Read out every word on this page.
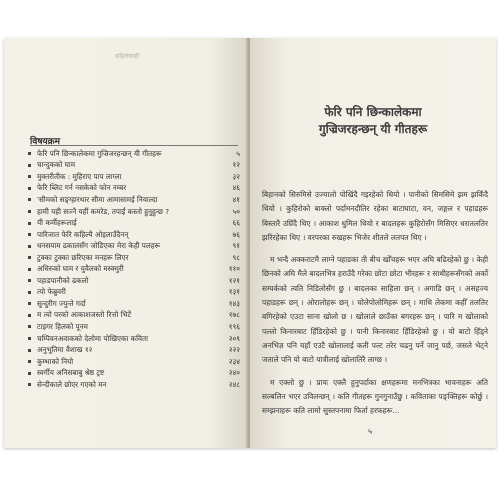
कहिलेकाहीं
विषयक्रम
फेरि पनि छिन्कालेकमा गुज्रिजरहन्छन् यी गीतहरू	५
चान्दुकको घाम	१२
मुक्तरीतीक : मुहिराए पाप लाग्ला	३२
फेरि ब्लिट गर्न नसकेको फोन नम्बर	४६
'सीमको सङ्ग्हारथार सीमा आमासामई नियाल्दा	४१
हामी यही सज्नै यहीं कमरेड, तपाईं कस्तो हुनुहुन्छ ?	५०
यी कर्मीहरूलाई	६६
पारिजात फेरि कहिल्यै ओइलाउँदैनन्	७६
धनसयाम ढकालसँग जोडिएका मेरा केही पलहरू	९१
टुक्का टुक्का छरिएका मनहरू लिएर	९८
अधिरुको घाम र युवैलको मस्क्मुरी	११०
पहाडपानीको ढकलो	१२१
त्यो फेब्रुवरी	१३१
सुन्दुरीग ज्युन्ते गर्दा	१४३
म त्यो परको आकाशजस्तो रित्तो भिटें	१७८
टाइगर हिलको पूनम	१९६
चम्पिवनअवाकको देलोमा पोखिएका कविता	२०९
अनुभूतिमा वैशाख १२	२२२
कुम्भाको नियो	२३४
स्वर्गीय अनिसबाबु श्रेष्ठ ट्रष्ट	२४०
सेन्दीकाले छोएर गएको मन	२४८
फेरि पनि छिन्कालेकमा
गुज्रिजरहन्छन् यी गीतहरू

बिहानको सिरुमिसे उज्यालो पोखिंदै गइरहेको थियो । पानीको सिमसिमे झम झर्किंदै थियो । कुहिरोको बाक्लो पर्दामनदौतिर रहेका बाटाघाटा, वन, जङ्गल र पहाडहरू बिस्तारै उघ्रिँदै थिए । आकाश धुमिल थियो र बादलहरू कुहिरोसँग मिसिएर धरातलतिर झरिरहेका थिए । वरपरका रुखहरू भिजेर शीतले लतपत थिए ।

म भन्दै अक्कराटमै लाग्ने पहाडका ती बीच खोँचहरू भएर अघि बढिरहेको छु । केही छिनको अघि मैले बादलभित्र हराउँदै गरेका छोटा छोटा भीरहरू र साथीहरूसँगको अर्को सम्पर्कको त्यति निडिलोसँग छु । बादलका साहिला छन् । अगाडि छन् । असहज्य पहाडहरू छन् । ओरालोहरू छन् । चोलेपोलोमिहरू छन् । माथि लेकमा कहीँ तलतिर बगिरहेको एउटा साना खोलो छ । खोलाले छाउँका बगरहरू छन् । पारि म खोलाको पल्लो किनारबाट हिँडिरहेको छु । पानी किनारबाट हिँडिरहेको छु । यो बाटो हिँड्ने अनभिज्ञ पनि यहाँ एउटै खोलालाई कती पल्ट तरेर चढनु पर्ने जानु पर्छ, जसले भेट्ने जताले पनि यो बाटो यात्रीलाई खोलातिरै लाग्छ ।

म एक्लो छु । प्रायः एक्लै हुनुपर्दाका क्षणहरूमा मनभित्रका भावनाहरू अति सल्बलिन भएर उविलन्छन् । कति गीतहरू गुनगुनाउँछु । कविताका पङ्क्तिहरू कोर्छु । सम्झनाहरू कति लामो सुस्तपनामा फिर्ता हरफहरू...

५
